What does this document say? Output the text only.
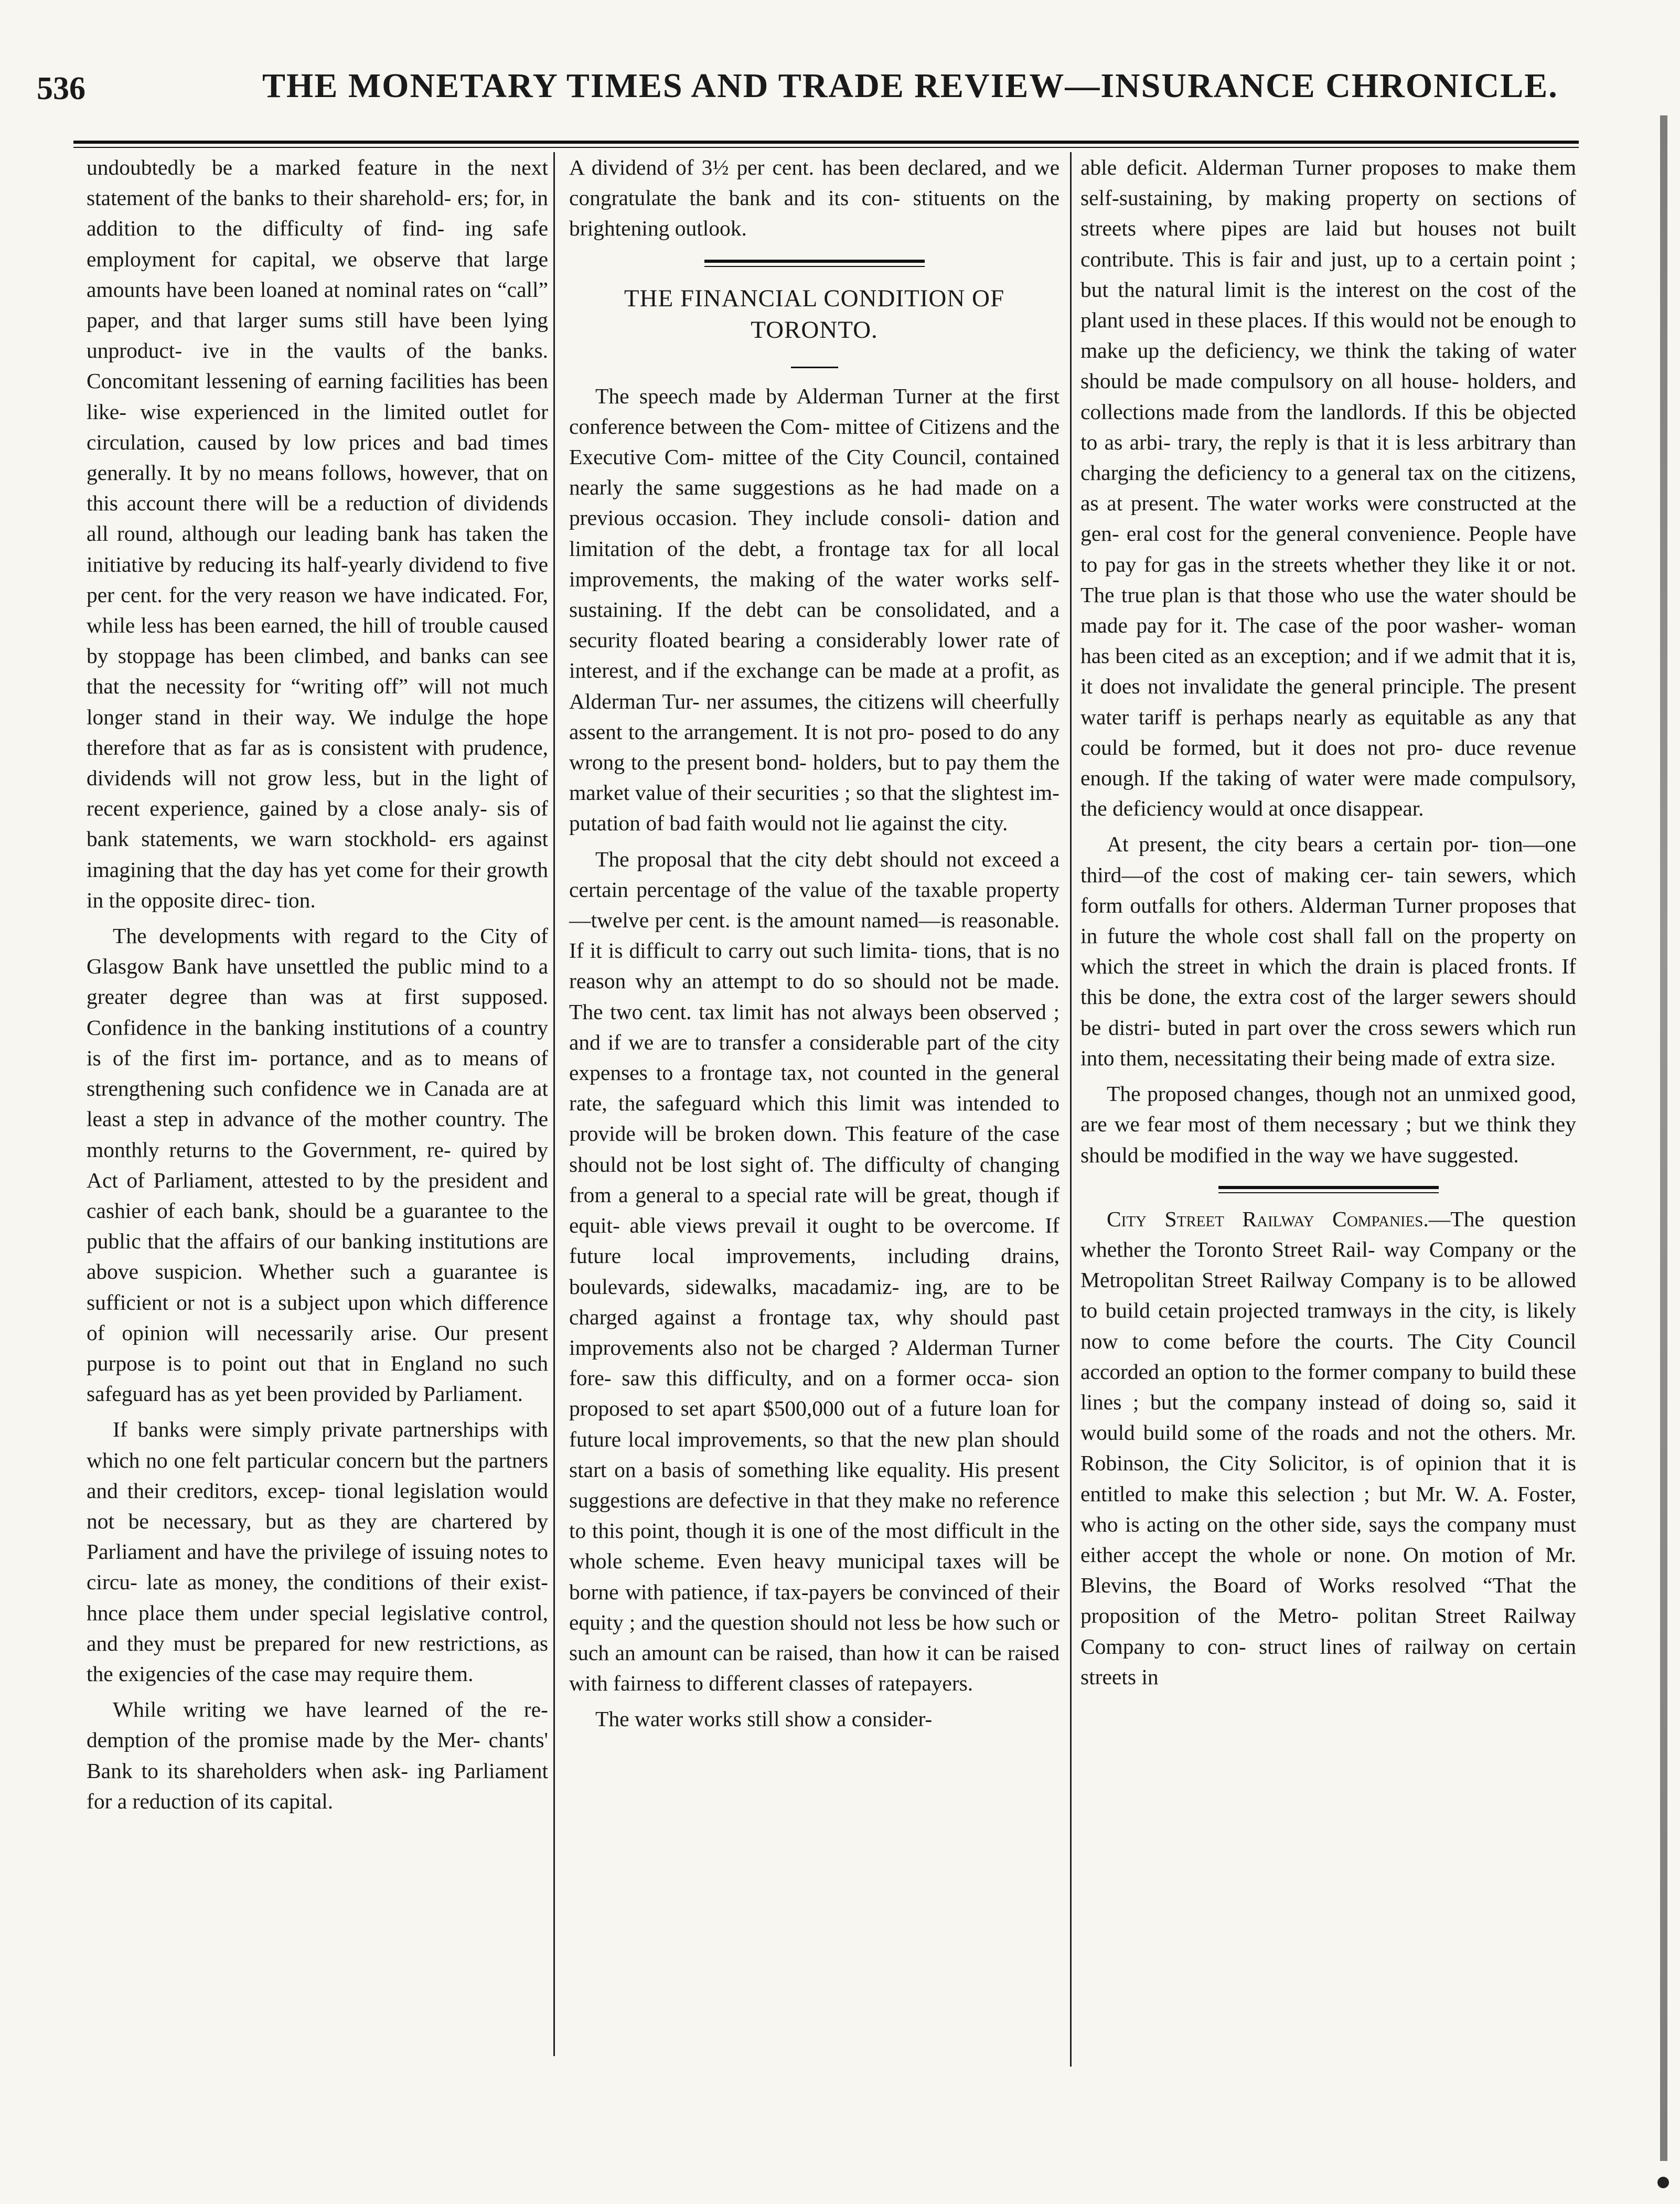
536	THE MONETARY TIMES AND TRADE REVIEW—INSURANCE CHRONICLE.

undoubtedly be a marked feature in the next statement of the banks to their sharehold- ers; for, in addition to the difficulty of find- ing safe employment for capital, we observe that large amounts have been loaned at nominal rates on “call” paper, and that larger sums still have been lying unproduct- ive in the vaults of the banks. Concomitant lessening of earning facilities has been like- wise experienced in the limited outlet for circulation, caused by low prices and bad times generally. It by no means follows, however, that on this account there will be a reduction of dividends all round, although our leading bank has taken the initiative by reducing its half-yearly dividend to five per cent. for the very reason we have indicated. For, while less has been earned, the hill of trouble caused by stoppage has been climbed, and banks can see that the necessity for “writing off” will not much longer stand in their way. We indulge the hope therefore that as far as is consistent with prudence, dividends will not grow less, but in the light of recent experience, gained by a close analy- sis of bank statements, we warn stockhold- ers against imagining that the day has yet come for their growth in the opposite direc- tion.

The developments with regard to the City of Glasgow Bank have unsettled the public mind to a greater degree than was at first supposed. Confidence in the banking institutions of a country is of the first im- portance, and as to means of strengthening such confidence we in Canada are at least a step in advance of the mother country. The monthly returns to the Government, re- quired by Act of Parliament, attested to by the president and cashier of each bank, should be a guarantee to the public that the affairs of our banking institutions are above suspicion. Whether such a guarantee is sufficient or not is a subject upon which difference of opinion will necessarily arise. Our present purpose is to point out that in England no such safeguard has as yet been provided by Parliament.

If banks were simply private partnerships with which no one felt particular concern but the partners and their creditors, excep- tional legislation would not be necessary, but as they are chartered by Parliament and have the privilege of issuing notes to circu- late as money, the conditions of their exist- hnce place them under special legislative control, and they must be prepared for new restrictions, as the exigencies of the case may require them.

While writing we have learned of the re- demption of the promise made by the Mer- chants' Bank to its shareholders when ask- ing Parliament for a reduction of its capital.

A dividend of 3½ per cent. has been declared, and we congratulate the bank and its con- stituents on the brightening outlook.

THE FINANCIAL CONDITION OF TORONTO.

The speech made by Alderman Turner at the first conference between the Com- mittee of Citizens and the Executive Com- mittee of the City Council, contained nearly the same suggestions as he had made on a previous occasion. They include consoli- dation and limitation of the debt, a frontage tax for all local improvements, the making of the water works self-sustaining. If the debt can be consolidated, and a security floated bearing a considerably lower rate of interest, and if the exchange can be made at a profit, as Alderman Tur- ner assumes, the citizens will cheerfully assent to the arrangement. It is not pro- posed to do any wrong to the present bond- holders, but to pay them the market value of their securities ; so that the slightest im- putation of bad faith would not lie against the city.

The proposal that the city debt should not exceed a certain percentage of the value of the taxable property—twelve per cent. is the amount named—is reasonable. If it is difficult to carry out such limita- tions, that is no reason why an attempt to do so should not be made. The two cent. tax limit has not always been observed ; and if we are to transfer a considerable part of the city expenses to a frontage tax, not counted in the general rate, the safeguard which this limit was intended to provide will be broken down. This feature of the case should not be lost sight of. The difficulty of changing from a general to a special rate will be great, though if equit- able views prevail it ought to be overcome. If future local improvements, including drains, boulevards, sidewalks, macadamiz- ing, are to be charged against a frontage tax, why should past improvements also not be charged ? Alderman Turner fore- saw this difficulty, and on a former occa- sion proposed to set apart $500,000 out of a future loan for future local improvements, so that the new plan should start on a basis of something like equality. His present suggestions are defective in that they make no reference to this point, though it is one of the most difficult in the whole scheme. Even heavy municipal taxes will be borne with patience, if tax-payers be convinced of their equity ; and the question should not less be how such or such an amount can be raised, than how it can be raised with fairness to different classes of ratepayers.

The water works still show a consider-

able deficit. Alderman Turner proposes to make them self-sustaining, by making property on sections of streets where pipes are laid but houses not built contribute. This is fair and just, up to a certain point ; but the natural limit is the interest on the cost of the plant used in these places. If this would not be enough to make up the deficiency, we think the taking of water should be made compulsory on all house- holders, and collections made from the landlords. If this be objected to as arbi- trary, the reply is that it is less arbitrary than charging the deficiency to a general tax on the citizens, as at present. The water works were constructed at the gen- eral cost for the general convenience. People have to pay for gas in the streets whether they like it or not. The true plan is that those who use the water should be made pay for it. The case of the poor washer- woman has been cited as an exception; and if we admit that it is, it does not invalidate the general principle. The present water tariff is perhaps nearly as equitable as any that could be formed, but it does not pro- duce revenue enough. If the taking of water were made compulsory, the deficiency would at once disappear.

At present, the city bears a certain por- tion—one third—of the cost of making cer- tain sewers, which form outfalls for others. Alderman Turner proposes that in future the whole cost shall fall on the property on which the street in which the drain is placed fronts. If this be done, the extra cost of the larger sewers should be distri- buted in part over the cross sewers which run into them, necessitating their being made of extra size.

The proposed changes, though not an unmixed good, are we fear most of them necessary ; but we think they should be modified in the way we have suggested.

City Street Railway Companies.—The question whether the Toronto Street Rail- way Company or the Metropolitan Street Railway Company is to be allowed to build cetain projected tramways in the city, is likely now to come before the courts. The City Council accorded an option to the former company to build these lines ; but the company instead of doing so, said it would build some of the roads and not the others. Mr. Robinson, the City Solicitor, is of opinion that it is entitled to make this selection ; but Mr. W. A. Foster, who is acting on the other side, says the company must either accept the whole or none. On motion of Mr. Blevins, the Board of Works resolved “That the proposition of the Metro- politan Street Railway Company to con- struct lines of railway on certain streets in
